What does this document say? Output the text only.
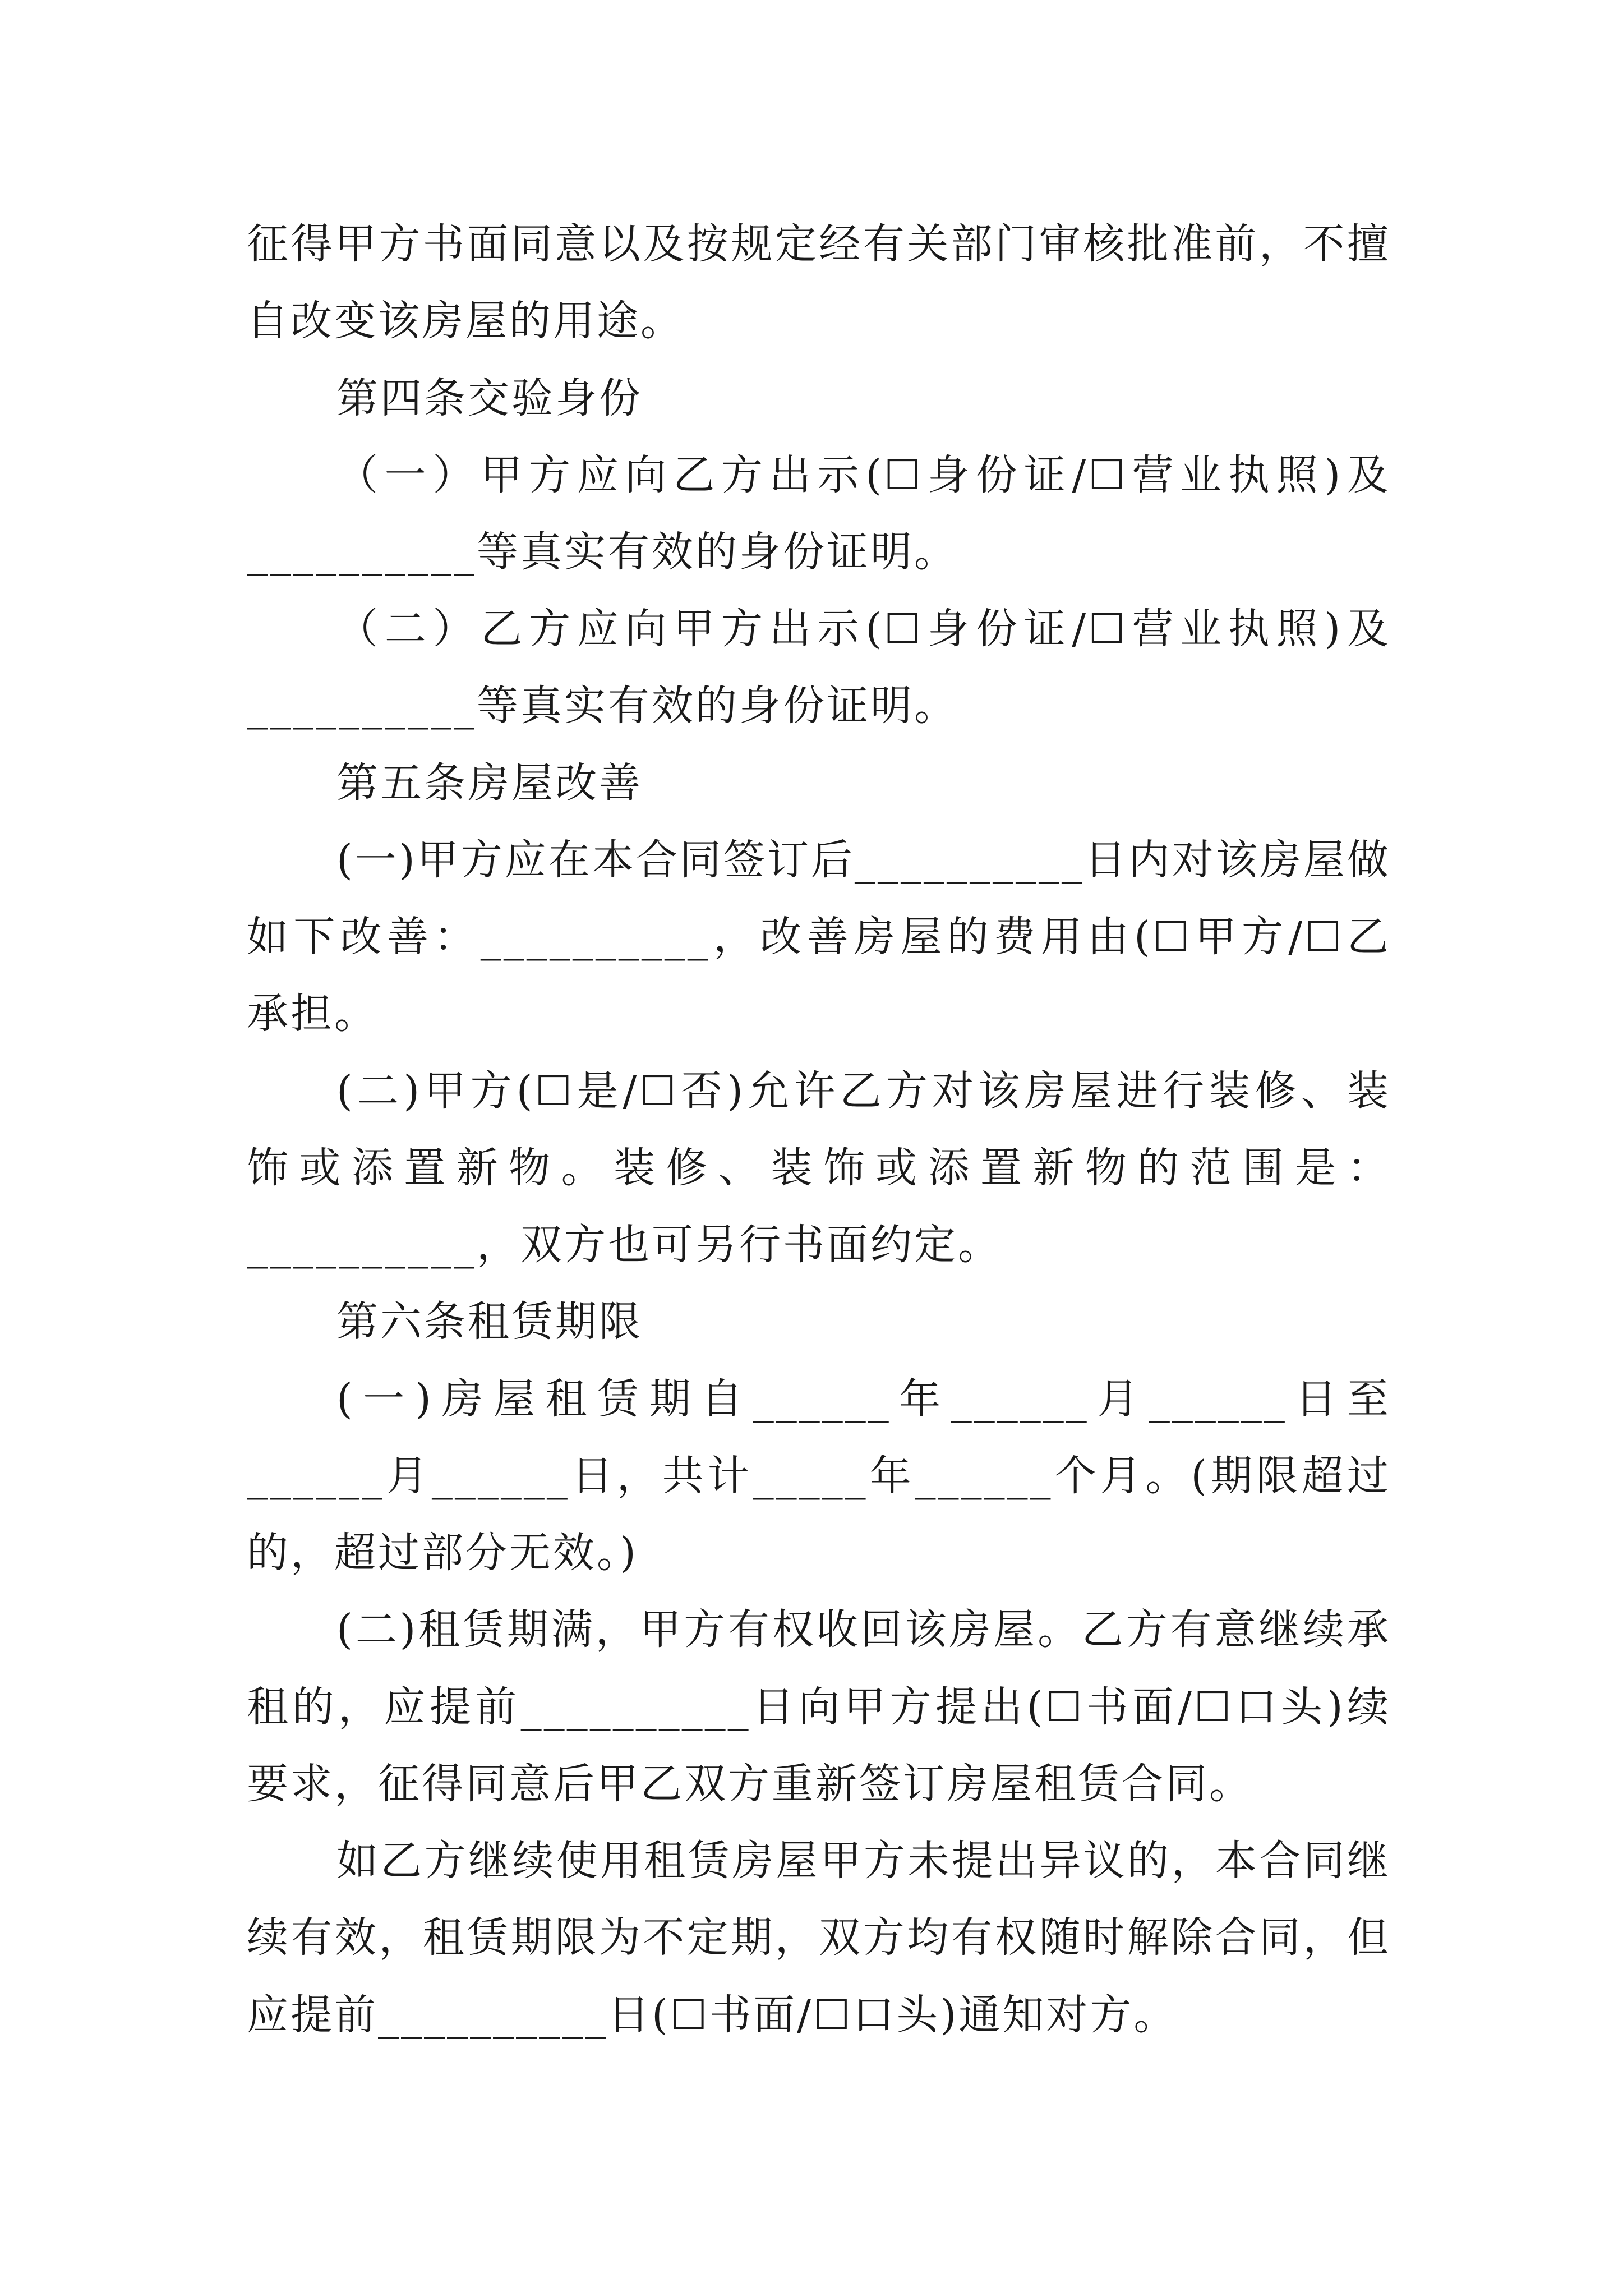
征得甲方书面同意以及按规定经有关部门审核批准前，不擅
自改变该房屋的用途。
第四条交验身份
（一）甲方应向乙方出示(☐身份证/☐营业执照)及
__________等真实有效的身份证明。
（二）乙方应向甲方出示(☐身份证/☐营业执照)及
__________等真实有效的身份证明。
第五条房屋改善
(一)甲方应在本合同签订后__________日内对该房屋做
如下改善：__________，改善房屋的费用由(☐甲方/☐乙
承担。
(二)甲方(☐是/☐否)允许乙方对该房屋进行装修、装
饰或添置新物。装修、装饰或添置新物的范围是：
__________，双方也可另行书面约定。
第六条租赁期限
(一)房屋租赁期自______年______月______日至
______月______日，共计_____年______个月。(期限超过
的，超过部分无效。)
(二)租赁期满，甲方有权收回该房屋。乙方有意继续承
租的，应提前__________日向甲方提出(☐书面/☐口头)续
要求，征得同意后甲乙双方重新签订房屋租赁合同。
如乙方继续使用租赁房屋甲方未提出异议的，本合同继
续有效，租赁期限为不定期，双方均有权随时解除合同，但
应提前__________日(☐书面/☐口头)通知对方。
